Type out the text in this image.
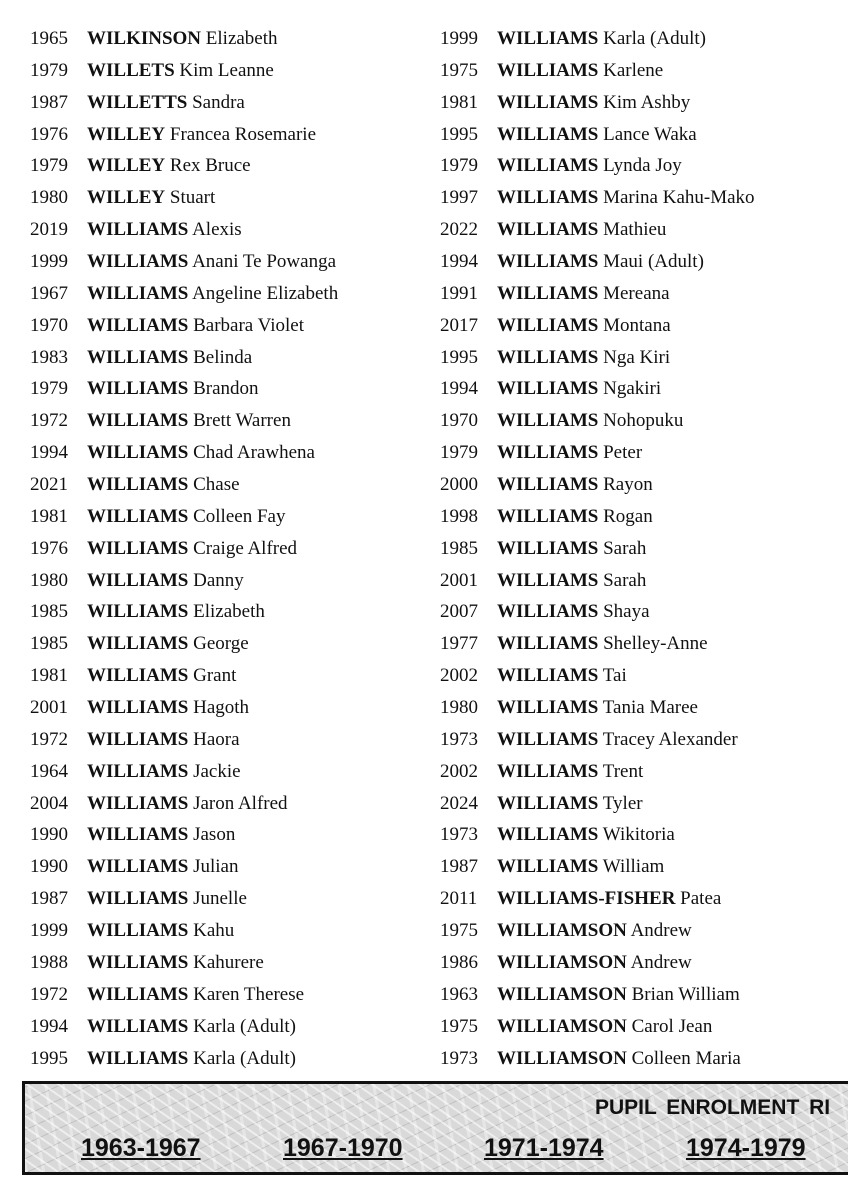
1965 WILKINSON Elizabeth
1979 WILLETS Kim Leanne
1987 WILLETTS Sandra
1976 WILLEY Francea Rosemarie
1979 WILLEY Rex Bruce
1980 WILLEY Stuart
2019 WILLIAMS Alexis
1999 WILLIAMS Anani Te Powanga
1967 WILLIAMS Angeline Elizabeth
1970 WILLIAMS Barbara Violet
1983 WILLIAMS Belinda
1979 WILLIAMS Brandon
1972 WILLIAMS Brett Warren
1994 WILLIAMS Chad Arawhena
2021 WILLIAMS Chase
1981 WILLIAMS Colleen Fay
1976 WILLIAMS Craige Alfred
1980 WILLIAMS Danny
1985 WILLIAMS Elizabeth
1985 WILLIAMS George
1981 WILLIAMS Grant
2001 WILLIAMS Hagoth
1972 WILLIAMS Haora
1964 WILLIAMS Jackie
2004 WILLIAMS Jaron Alfred
1990 WILLIAMS Jason
1990 WILLIAMS Julian
1987 WILLIAMS Junelle
1999 WILLIAMS Kahu
1988 WILLIAMS Kahurere
1972 WILLIAMS Karen Therese
1994 WILLIAMS Karla (Adult)
1995 WILLIAMS Karla (Adult)
1999 WILLIAMS Karla (Adult)
1975 WILLIAMS Karlene
1981 WILLIAMS Kim Ashby
1995 WILLIAMS Lance Waka
1979 WILLIAMS Lynda Joy
1997 WILLIAMS Marina Kahu-Mako
2022 WILLIAMS Mathieu
1994 WILLIAMS Maui (Adult)
1991 WILLIAMS Mereana
2017 WILLIAMS Montana
1995 WILLIAMS Nga Kiri
1994 WILLIAMS Ngakiri
1970 WILLIAMS Nohopuku
1979 WILLIAMS Peter
2000 WILLIAMS Rayon
1998 WILLIAMS Rogan
1985 WILLIAMS Sarah
2001 WILLIAMS Sarah
2007 WILLIAMS Shaya
1977 WILLIAMS Shelley-Anne
2002 WILLIAMS Tai
1980 WILLIAMS Tania Maree
1973 WILLIAMS Tracey Alexander
2002 WILLIAMS Trent
2024 WILLIAMS Tyler
1973 WILLIAMS Wikitoria
1987 WILLIAMS William
2011 WILLIAMS-FISHER Patea
1975 WILLIAMSON Andrew
1986 WILLIAMSON Andrew
1963 WILLIAMSON Brian William
1975 WILLIAMSON Carol Jean
1973 WILLIAMSON Colleen Maria
PUPIL ENROLMENT RI
1963-1967	1967-1970	1971-1974	1974-1979
